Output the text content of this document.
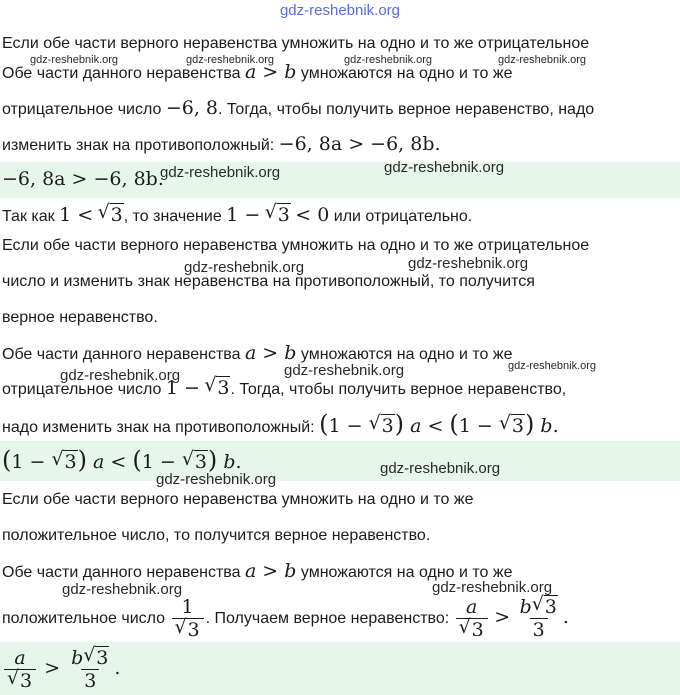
gdz-reshebnik.org
Если обе части верного неравенства умножить на одно и то же отрицательное
Обе части данного неравенства a > b умножаются на одно и то же
отрицательное число −6, 8. Тогда, чтобы получить верное неравенство, надо
изменить знак на противоположный: −6, 8a > −6, 8b.
−6, 8a > −6, 8b.
Так как 1 < √ 3, то значение 1 − √ 3 < 0 или отрицательно.
Если обе части верного неравенства умножить на одно и то же отрицательное
число и изменить знак неравенства на противоположный, то получится
верное неравенство.
Обе части данного неравенства a > b умножаются на одно и то же
отрицательное число 1 − √ 3. Тогда, чтобы получить верное неравенство,
надо изменить знак на противоположный: (1 − √ 3) a < (1 − √ 3) b.
(1 − √ 3) a < (1 − √ 3) b.
Если обе части верного неравенства умножить на одно и то же
положительное число, то получится верное неравенство.
Обе части данного неравенства a > b умножаются на одно и то же
положительное число $\frac{1}{√ 3}$ . Получаем верное неравенство: $\frac{a}{√ 3} > \frac{b √ 3}{3}$ .
$\frac{a}{√ 3} > \frac{b √ 3}{3}$ .
gdz-reshebnik.org	gdz-reshebnik.org	gdz-reshebnik.org	gdz-reshebnik.org
gdz-reshebnik.org	gdz-reshebnik.org
gdz-reshebnik.org	gdz-reshebnik.org
gdz-reshebnik.org	gdz-reshebnik.org	gdz-reshebnik.org
gdz-reshebnik.org
gdz-reshebnik.org
gdz-reshebnik.org	gdz-reshebnik.org
